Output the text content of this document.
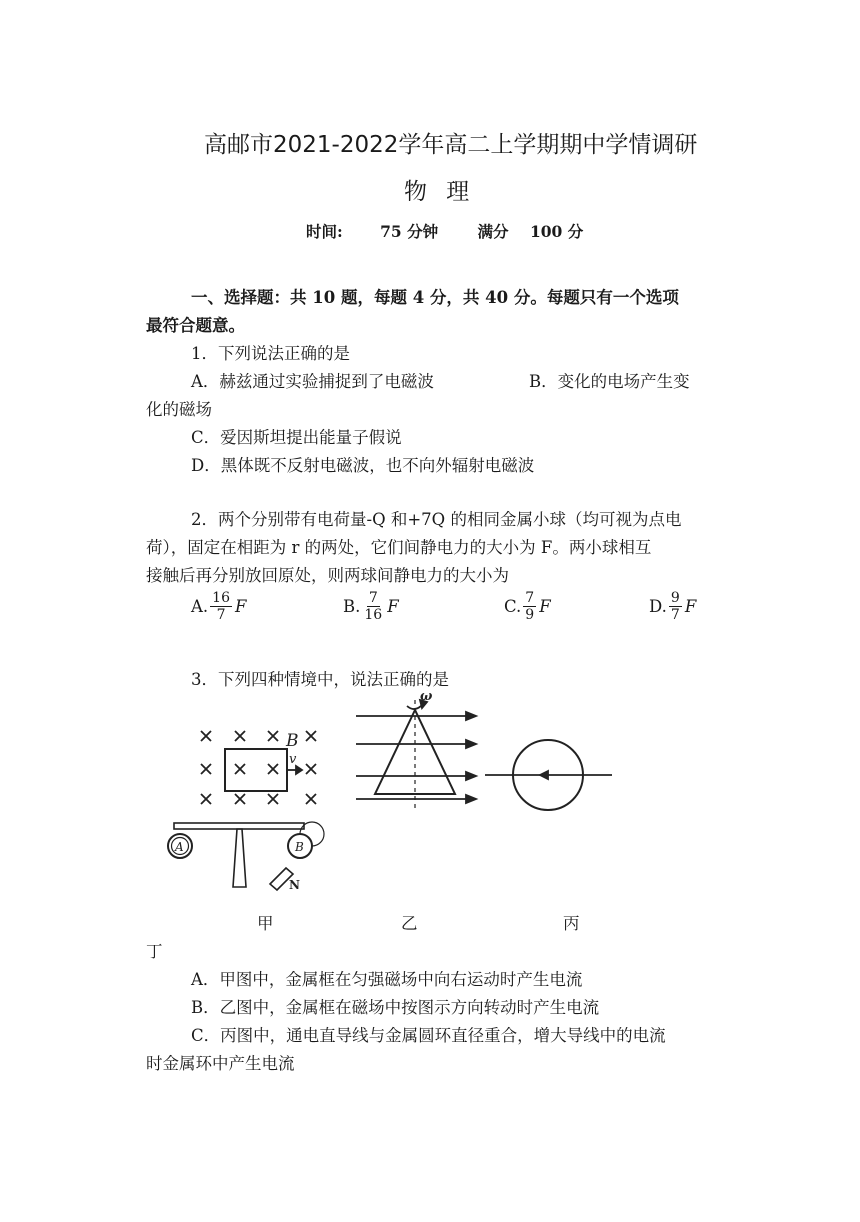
高邮市2021-2022学年高二上学期期中学情调研
物 理
时间: 75 分钟	满分 100 分
一、选择题：共 10 题，每题 4 分，共 40 分。每题只有一个选项
最符合题意。
1．下列说法正确的是
A．赫兹通过实验捕捉到了电磁波	B．变化的电场产生变
化的磁场
C．爱因斯坦提出能量子假说
D．黑体既不反射电磁波，也不向外辐射电磁波
2．两个分别带有电荷量-Q 和+7Q 的相同金属小球（均可视为点电
荷），固定在相距为 r 的两处，它们间静电力的大小为 F。两小球相互
接触后再分别放回原处，则两球间静电力的大小为
A. $\frac{16}{7}$ F	B. $\frac{7}{16}$ F	C. $\frac{7}{9}$ F	D. $\frac{9}{7}$ F
3．下列四种情境中，说法正确的是
B
v
ω
A	B
N
甲	乙	丙
丁
A．甲图中，金属框在匀强磁场中向右运动时产生电流
B．乙图中，金属框在磁场中按图示方向转动时产生电流
C．丙图中，通电直导线与金属圆环直径重合，增大导线中的电流
时金属环中产生电流
